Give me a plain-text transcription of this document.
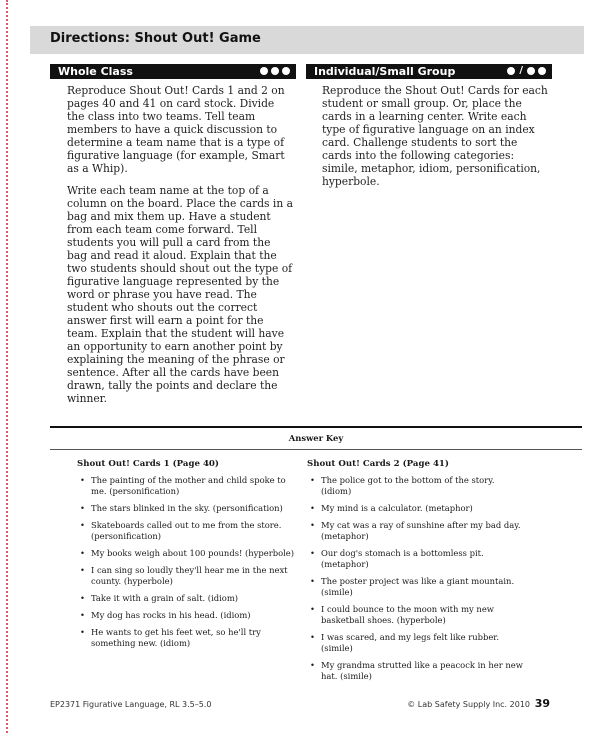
Directions: Shout Out! Game
Whole Class	Individual/Small Group	/

Reproduce Shout Out! Cards 1 and 2 on pages 40 and 41 on card stock. Divide the class into two teams. Tell team members to have a quick discussion to determine a team name that is a type of figurative language (for example, Smart as a Whip).

Write each team name at the top of a column on the board. Place the cards in a bag and mix them up. Have a student from each team come forward. Tell students you will pull a card from the bag and read it aloud. Explain that the two students should shout out the type of figurative language represented by the word or phrase you have read. The student who shouts out the correct answer first will earn a point for the team. Explain that the student will have an opportunity to earn another point by explaining the meaning of the phrase or sentence. After all the cards have been drawn, tally the points and declare the winner.

Reproduce the Shout Out! Cards for each student or small group. Or, place the cards in a learning center. Write each type of figurative language on an index card. Challenge students to sort the cards into the following categories: simile, metaphor, idiom, personification, hyperbole.

Answer Key
Shout Out! Cards 1 (Page 40)
• The painting of the mother and child spoke to me. (personification)
• The stars blinked in the sky. (personification)
• Skateboards called out to me from the store. (personification)
• My books weigh about 100 pounds! (hyperbole)
• I can sing so loudly they'll hear me in the next county. (hyperbole)
• Take it with a grain of salt. (idiom)
• My dog has rocks in his head. (idiom)
• He wants to get his feet wet, so he'll try something new. (idiom)
Shout Out! Cards 2 (Page 41)
• The police got to the bottom of the story. (idiom)
• My mind is a calculator. (metaphor)
• My cat was a ray of sunshine after my bad day. (metaphor)
• Our dog's stomach is a bottomless pit. (metaphor)
• The poster project was like a giant mountain. (simile)
• I could bounce to the moon with my new basketball shoes. (hyperbole)
• I was scared, and my legs felt like rubber. (simile)
• My grandma strutted like a peacock in her new hat. (simile)
EP2371 Figurative Language, RL 3.5–5.0	© Lab Safety Supply Inc. 2010 39
